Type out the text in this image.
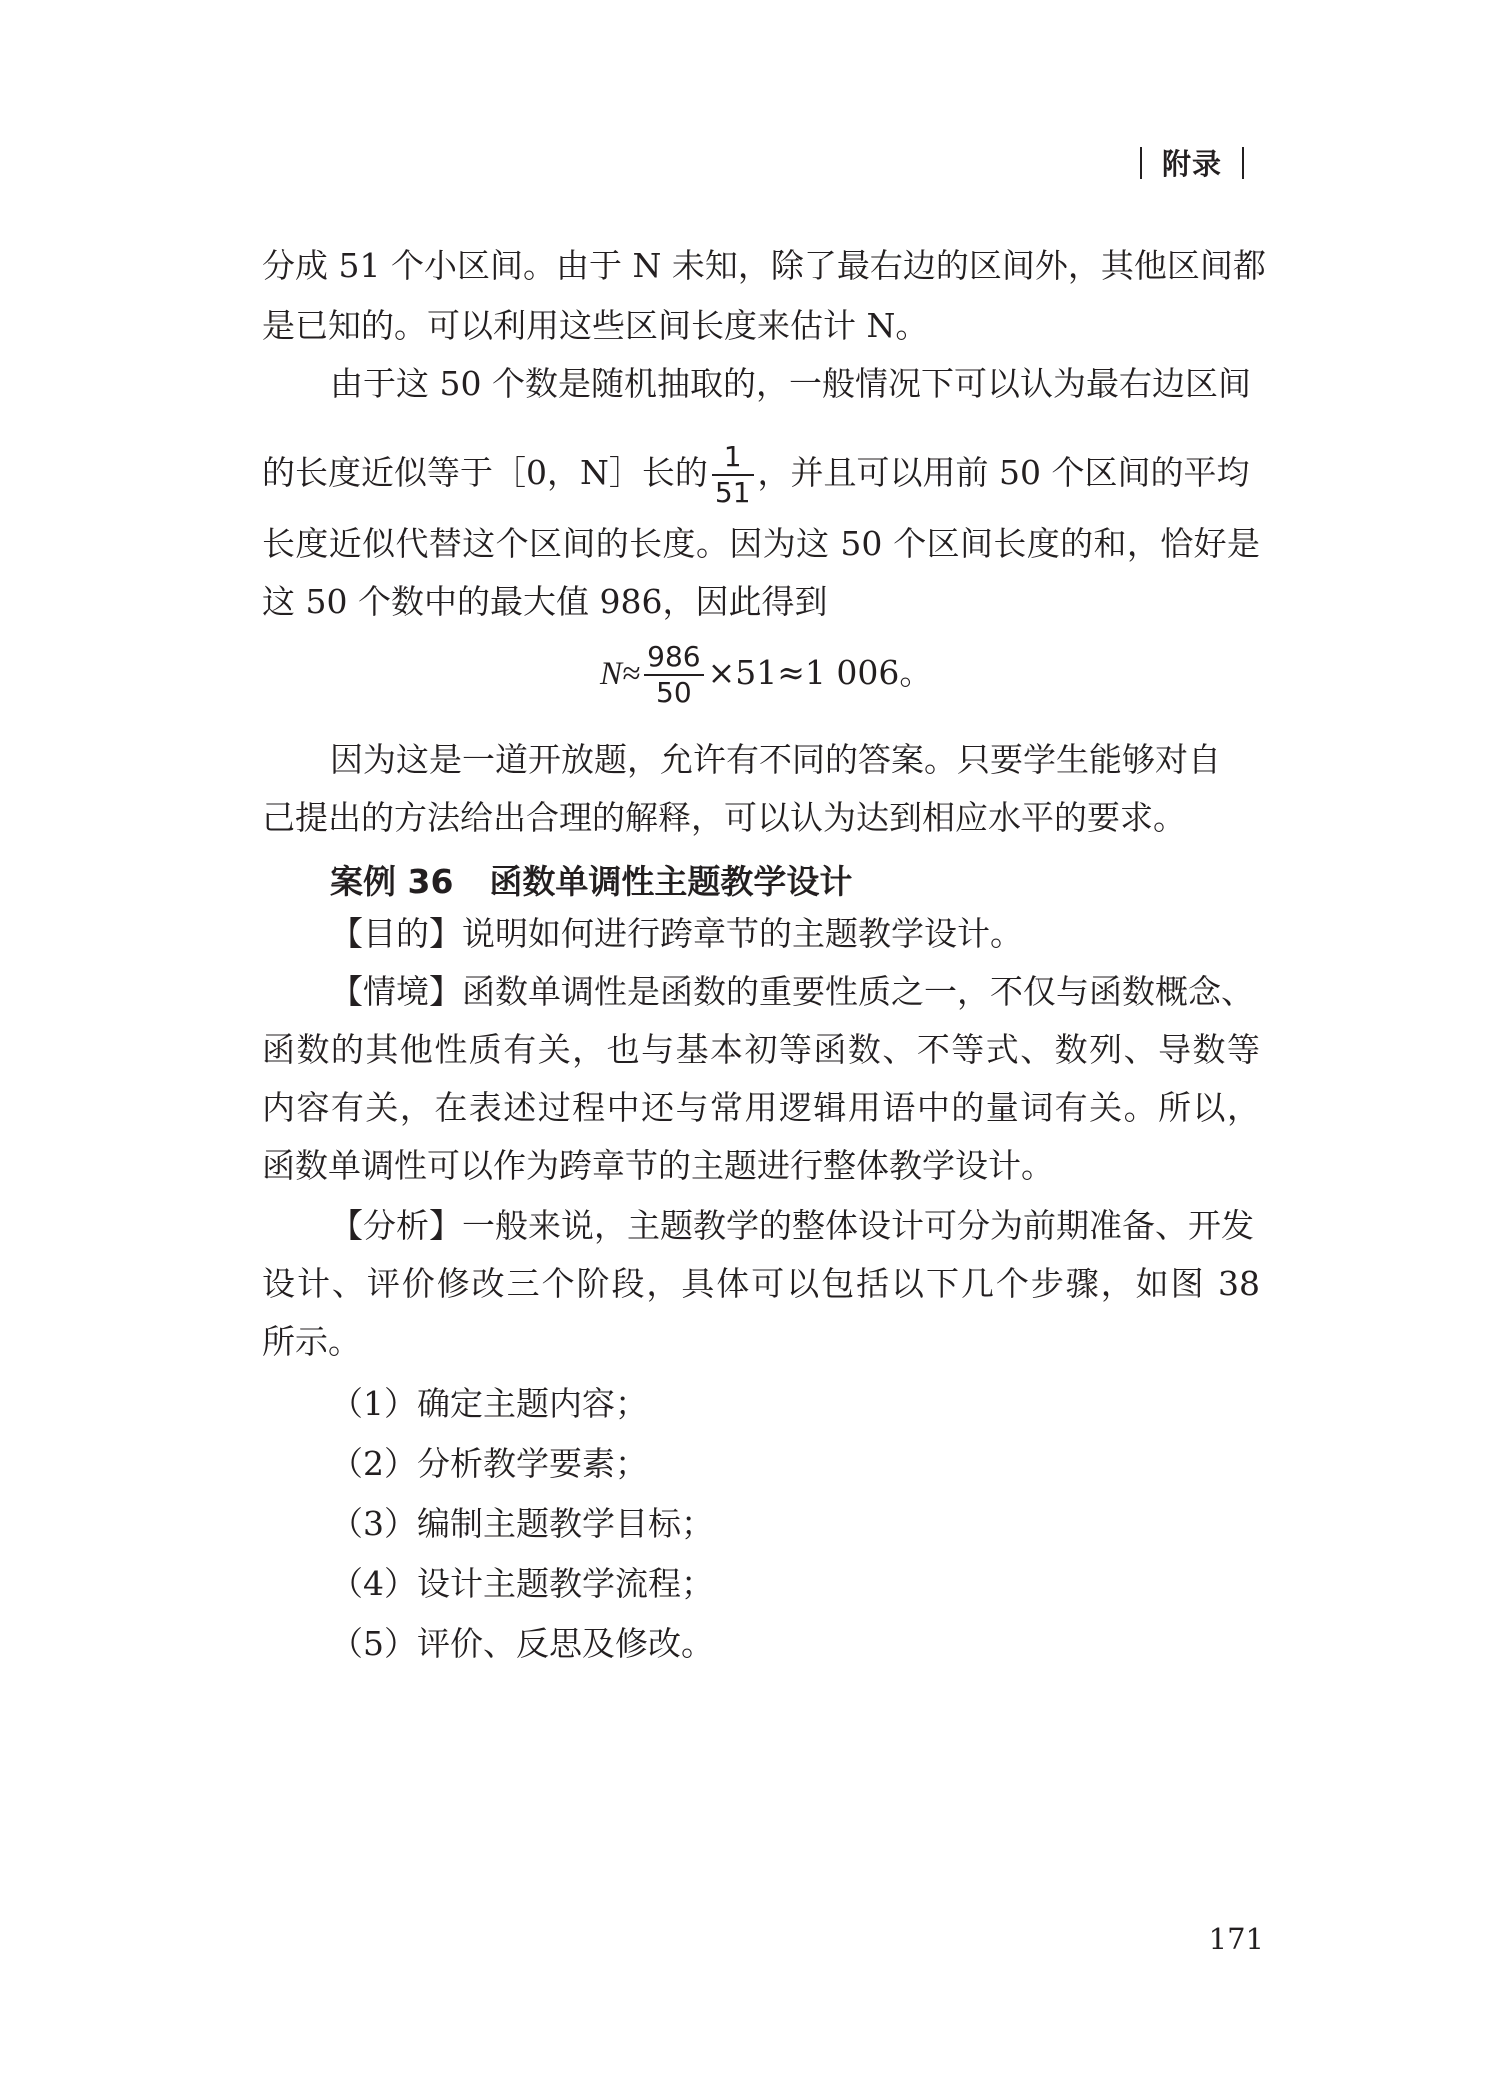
附录
分成 51 个小区间。由于 N 未知，除了最右边的区间外，其他区间都
是已知的。可以利用这些区间长度来估计 N。
由于这 50 个数是随机抽取的，一般情况下可以认为最右边区间
的长度近似等于［0，N］长的 $\frac{1}{51}$ ，并且可以用前 50 个区间的平均
长度近似代替这个区间的长度。因为这 50 个区间长度的和，恰好是
这 50 个数中的最大值 986，因此得到
$N\approx \frac{986}{50} \times 51\approx 1$ 006。
因为这是一道开放题，允许有不同的答案。只要学生能够对自
己提出的方法给出合理的解释，可以认为达到相应水平的要求。
案例 36 函数单调性主题教学设计
【目的】说明如何进行跨章节的主题教学设计。
【情境】函数单调性是函数的重要性质之一，不仅与函数概念、
函数的其他性质有关，也与基本初等函数、不等式、数列、导数等
内容有关，在表述过程中还与常用逻辑用语中的量词有关。所以，
函数单调性可以作为跨章节的主题进行整体教学设计。
【分析】一般来说，主题教学的整体设计可分为前期准备、开发
设计、评价修改三个阶段，具体可以包括以下几个步骤，如图 38
所示。
（1）确定主题内容；
（2）分析教学要素；
（3）编制主题教学目标；
（4）设计主题教学流程；
（5）评价、反思及修改。
171
